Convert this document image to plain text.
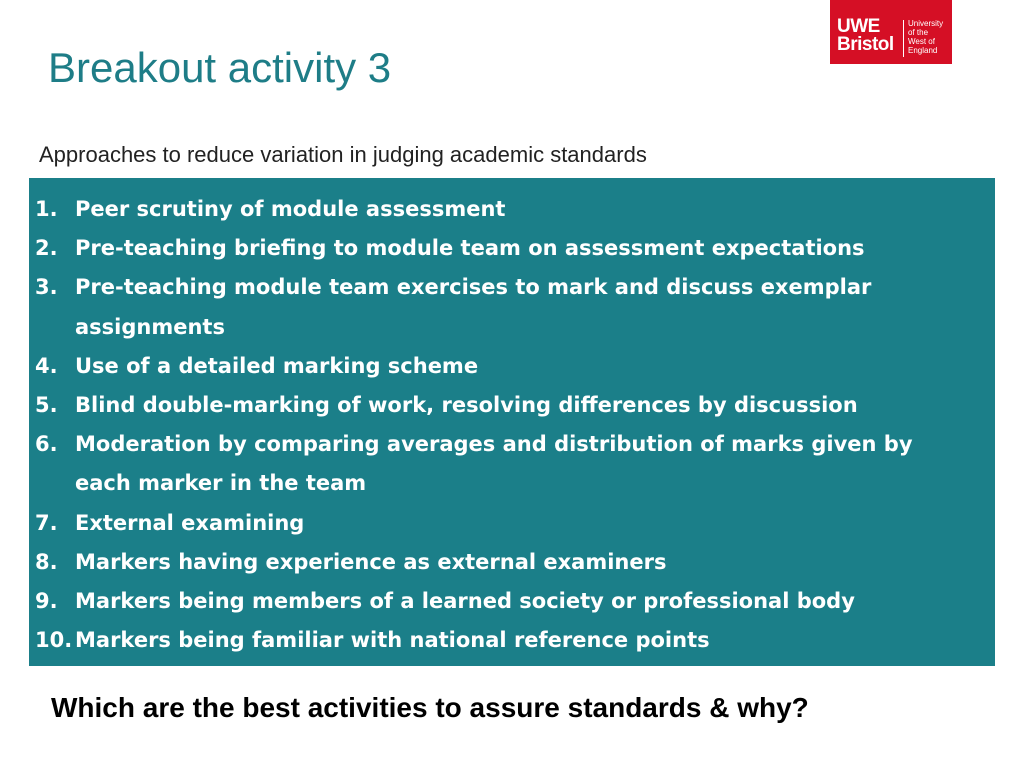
Breakout activity 3
UWE
Bristol
University
of the
West of
England
Approaches to reduce variation in judging academic standards
1. Peer scrutiny of module assessment
2. Pre-teaching briefing to module team on assessment expectations
3. Pre-teaching module team exercises to mark and discuss exemplar
assignments
4. Use of a detailed marking scheme
5. Blind double-marking of work, resolving differences by discussion
6. Moderation by comparing averages and distribution of marks given by
each marker in the team
7. External examining
8. Markers having experience as external examiners
9. Markers being members of a learned society or professional body
10. Markers being familiar with national reference points
Which are the best activities to assure standards & why?
